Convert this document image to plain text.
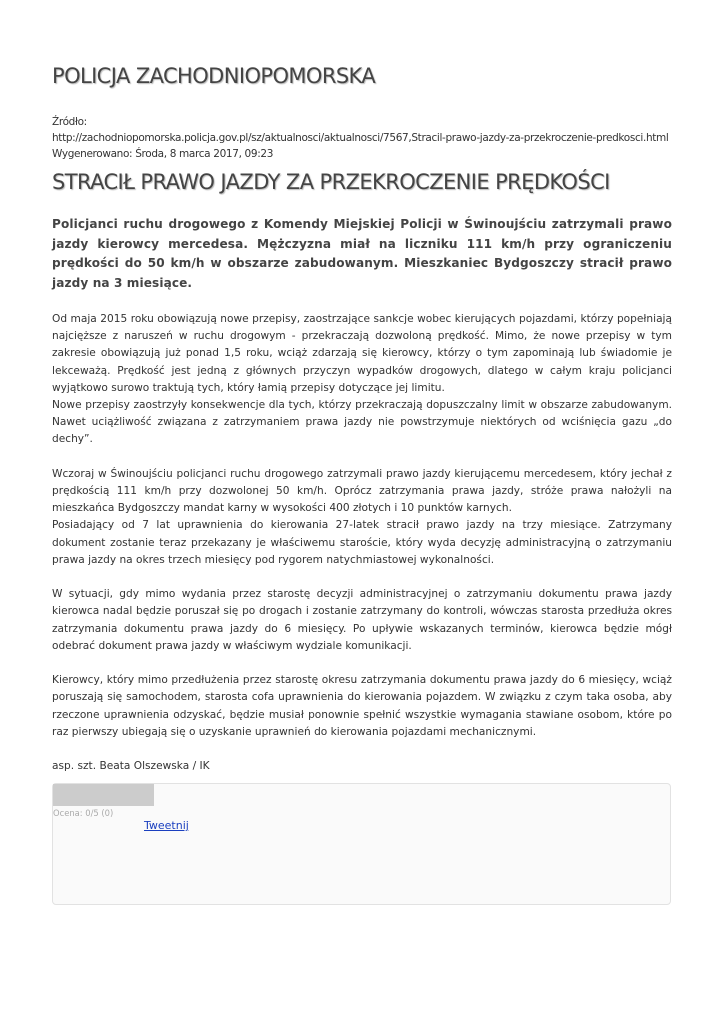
POLICJA ZACHODNIOPOMORSKA
Źródło:
http://zachodniopomorska.policja.gov.pl/sz/aktualnosci/aktualnosci/7567,Stracil-prawo-jazdy-za-przekroczenie-predkosci.html
Wygenerowano: Środa, 8 marca 2017, 09:23
STRACIŁ PRAWO JAZDY ZA PRZEKROCZENIE PRĘDKOŚCI

Policjanci ruchu drogowego z Komendy Miejskiej Policji w Świnoujściu zatrzymali prawo jazdy kierowcy mercedesa. Mężczyzna miał na liczniku 111 km/h przy ograniczeniu prędkości do 50 km/h w obszarze zabudowanym. Mieszkaniec Bydgoszczy stracił prawo jazdy na 3 miesiące.

Od maja 2015 roku obowiązują nowe przepisy, zaostrzające sankcje wobec kierujących pojazdami, którzy popełniają najcięższe z naruszeń w ruchu drogowym - przekraczają dozwoloną prędkość. Mimo, że nowe przepisy w tym zakresie obowiązują już ponad 1,5 roku, wciąż zdarzają się kierowcy, którzy o tym zapominają lub świadomie je lekceważą. Prędkość jest jedną z głównych przyczyn wypadków drogowych, dlatego w całym kraju policjanci wyjątkowo surowo traktują tych, który łamią przepisy dotyczące jej limitu.

Nowe przepisy zaostrzyły konsekwencje dla tych, którzy przekraczają dopuszczalny limit w obszarze zabudowanym. Nawet uciążliwość związana z zatrzymaniem prawa jazdy nie powstrzymuje niektórych od wciśnięcia gazu „do dechy”.

Wczoraj w Świnoujściu policjanci ruchu drogowego zatrzymali prawo jazdy kierującemu mercedesem, który jechał z prędkością 111 km/h przy dozwolonej 50 km/h. Oprócz zatrzymania prawa jazdy, stróże prawa nałożyli na mieszkańca Bydgoszczy mandat karny w wysokości 400 złotych i 10 punktów karnych.

Posiadający od 7 lat uprawnienia do kierowania 27-latek stracił prawo jazdy na trzy miesiące. Zatrzymany dokument zostanie teraz przekazany je właściwemu staroście, który wyda decyzję administracyjną o zatrzymaniu prawa jazdy na okres trzech miesięcy pod rygorem natychmiastowej wykonalności.

W sytuacji, gdy mimo wydania przez starostę decyzji administracyjnej o zatrzymaniu dokumentu prawa jazdy kierowca nadal będzie poruszał się po drogach i zostanie zatrzymany do kontroli, wówczas starosta przedłuża okres zatrzymania dokumentu prawa jazdy do 6 miesięcy. Po upływie wskazanych terminów, kierowca będzie mógł odebrać dokument prawa jazdy w właściwym wydziale komunikacji.

Kierowcy, który mimo przedłużenia przez starostę okresu zatrzymania dokumentu prawa jazdy do 6 miesięcy, wciąż poruszają się samochodem, starosta cofa uprawnienia do kierowania pojazdem. W związku z czym taka osoba, aby rzeczone uprawnienia odzyskać, będzie musiał ponownie spełnić wszystkie wymagania stawiane osobom, które po raz pierwszy ubiegają się o uzyskanie uprawnień do kierowania pojazdami mechanicznymi.

asp. szt. Beata Olszewska / IK

Ocena: 0/5 (0)
Tweetnij
